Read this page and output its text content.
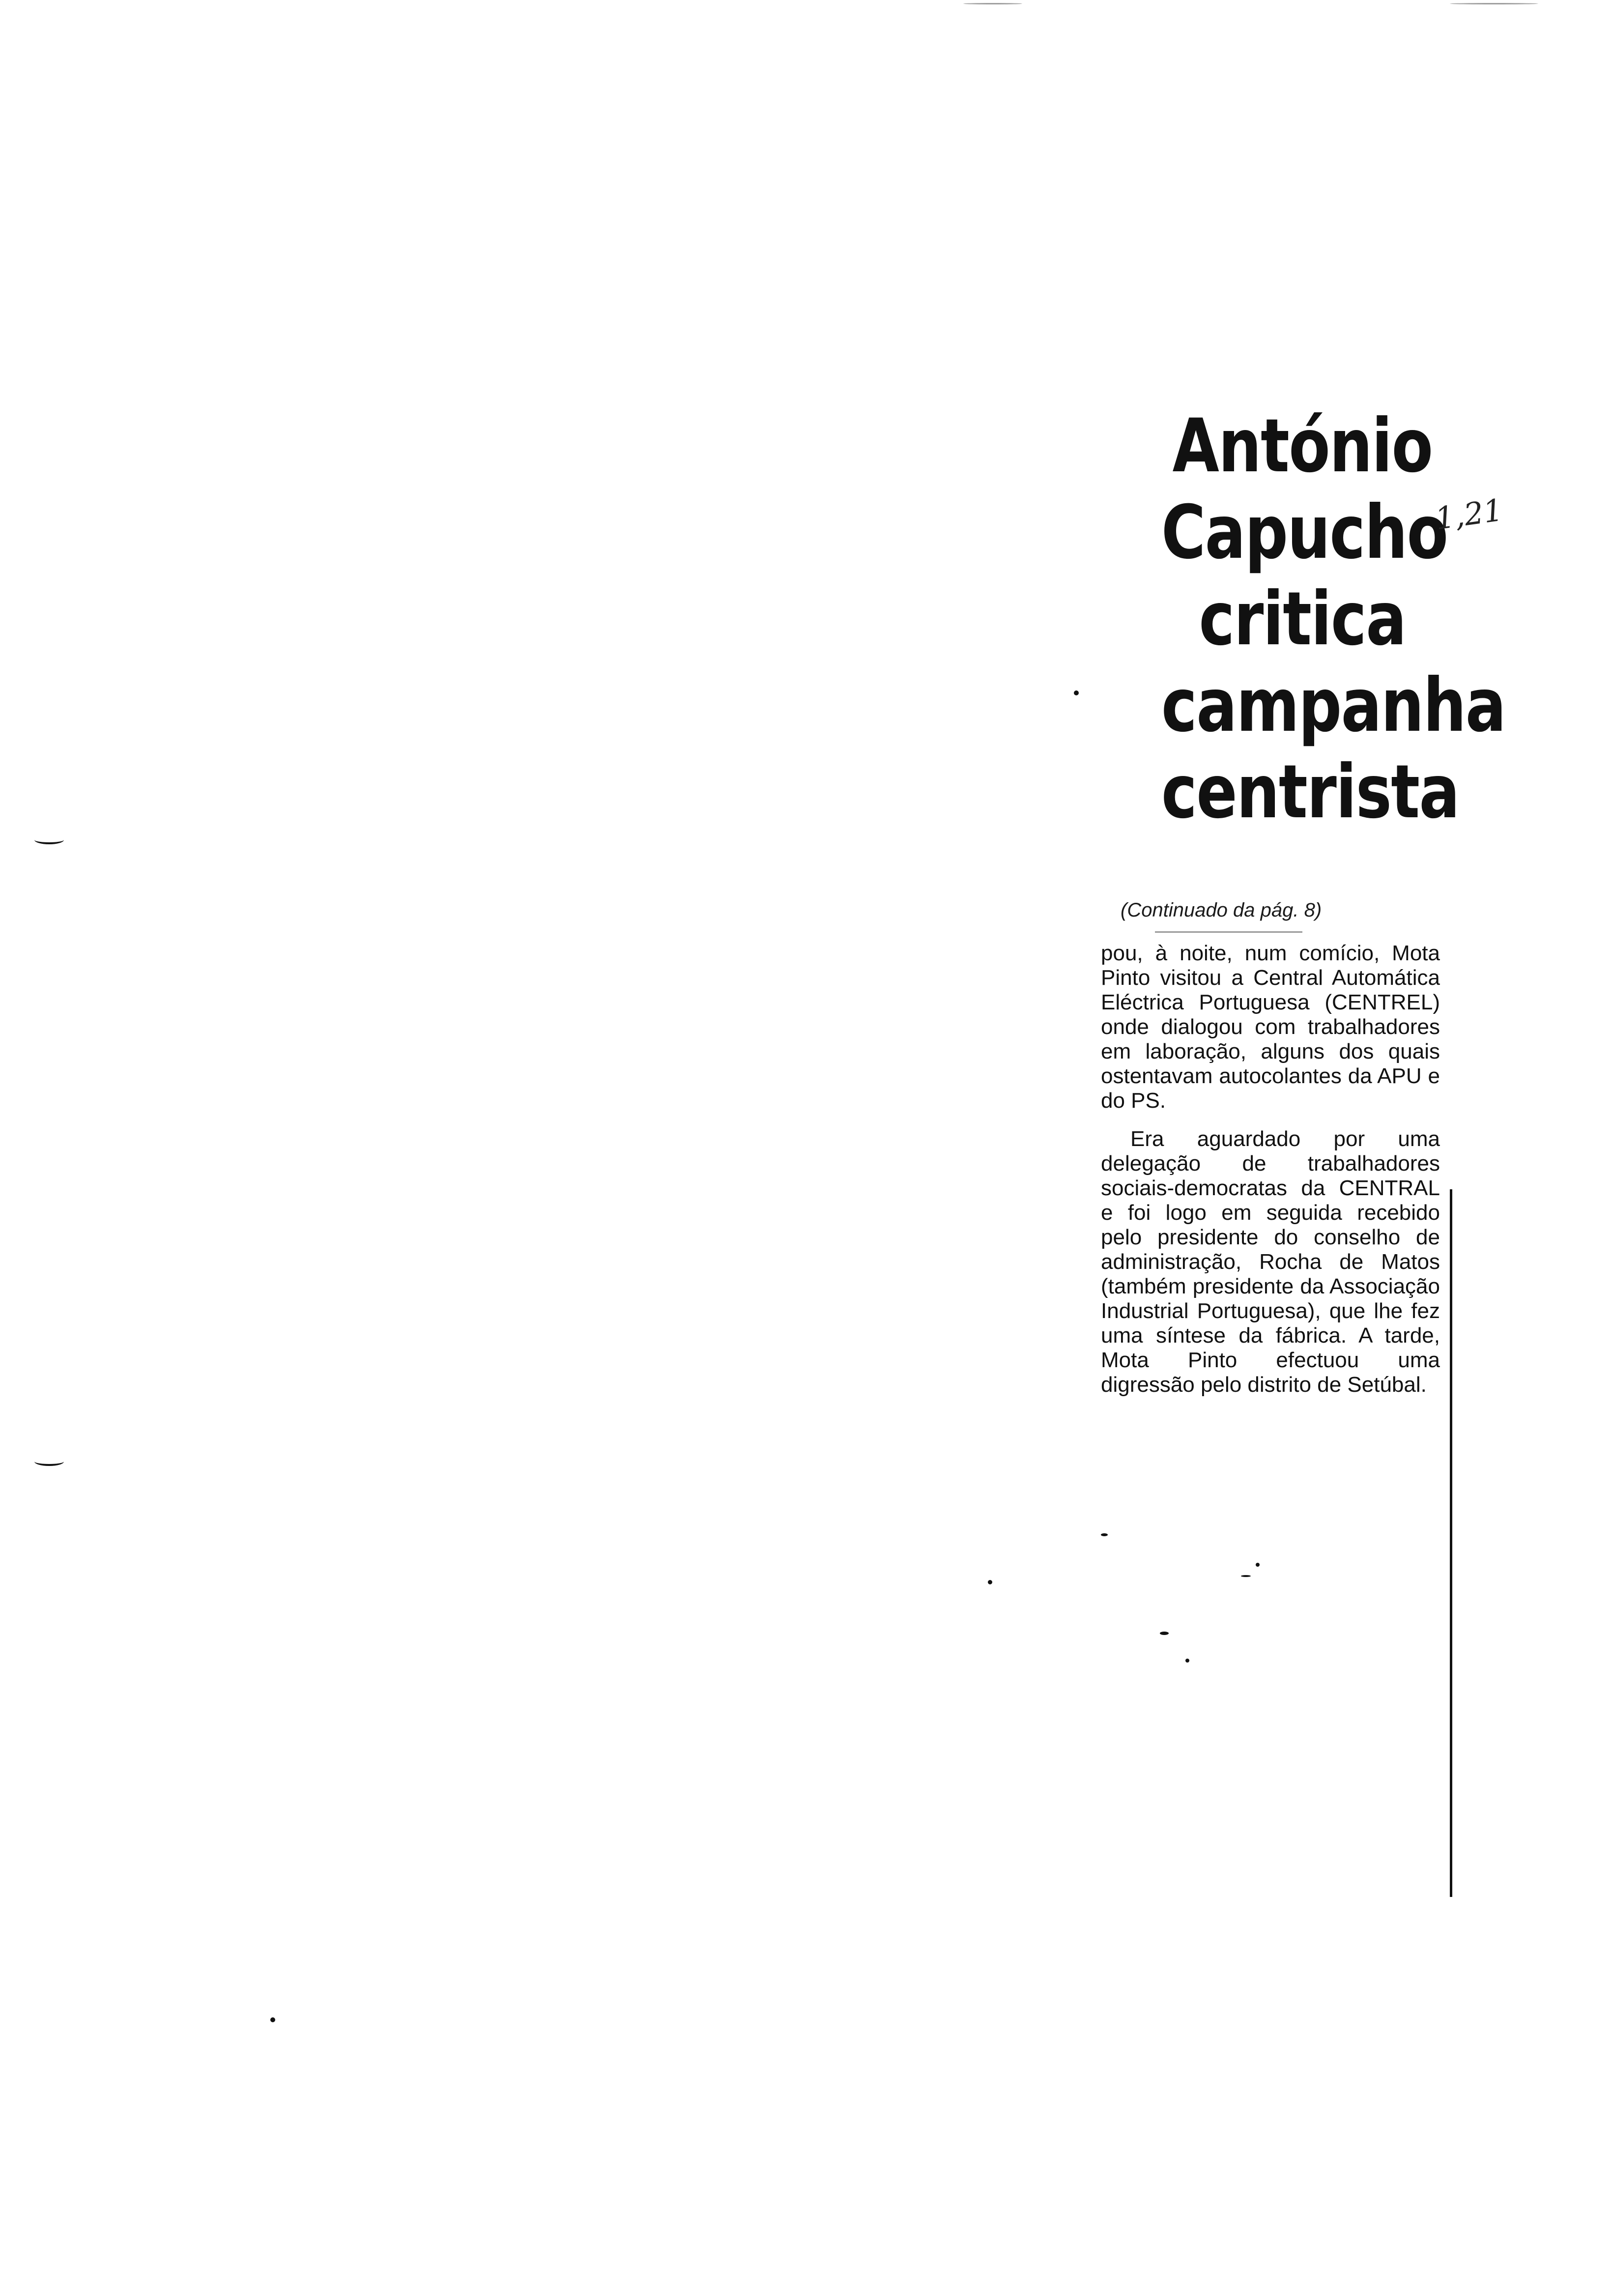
António
Capucho
critica
campanha
centrista
1,21
(Continuado da pág. 8)

pou, à noite, num comício, Mota Pinto visitou a Central Automática Eléctrica Portuguesa (CENTREL) onde dialogou com trabalhadores em laboração, alguns dos quais ostentavam autocolantes da APU e do PS.

Era aguardado por uma delegação de trabalhadores sociais-democratas da CENTRAL e foi logo em seguida recebido pelo presidente do conselho de administração, Rocha de Matos (também presidente da Associação Industrial Portuguesa), que lhe fez uma síntese da fábrica. A tarde, Mota Pinto efectuou uma digressão pelo distrito de Setúbal.
